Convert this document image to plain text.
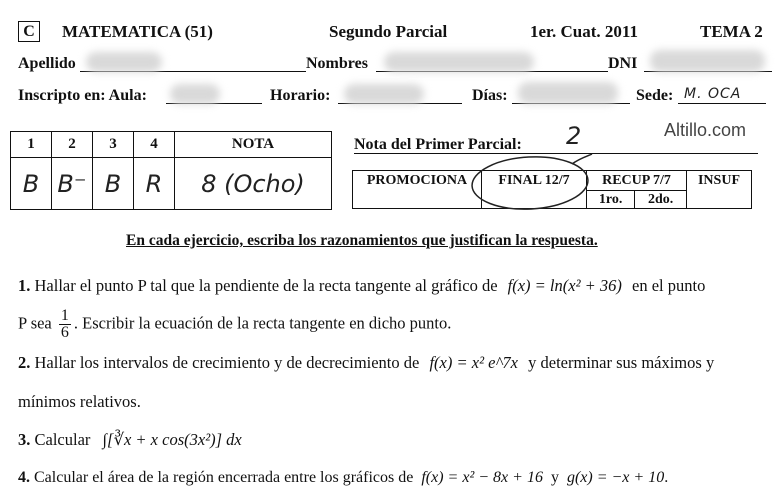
C	MATEMATICA (51)	Segundo Parcial	1er. Cuat. 2011	TEMA 2
Apellido	Nombres	DNI
Inscripto en: Aula:	Horario:	Días:	Sede: M. OCA
1	2	3	4	NOTA
B	B⁻	B	R	8 (Ocho)
Nota del Primer Parcial: 2	Altillo.com
PROMOCIONA	FINAL 12/7	RECUP 7/7		INSUF
		1ro.	2do.	
En cada ejercicio, escriba los razonamientos que justifican la respuesta.
1. Hallar el punto P tal que la pendiente de la recta tangente al gráfico de f(x) = ln(x² + 36) en el punto
P sea $\frac{1}{6}$ . Escribir la ecuación de la recta tangente en dicho punto.
2. Hallar los intervalos de crecimiento y de decrecimiento de f(x) = x² e^7x y determinar sus máximos y
mínimos relativos.
3. Calcular ∫[∛x + x cos(3x²)] dx
4. Calcular el área de la región encerrada entre los gráficos de f(x) = x² − 8x + 16 y g(x) = −x + 10.
